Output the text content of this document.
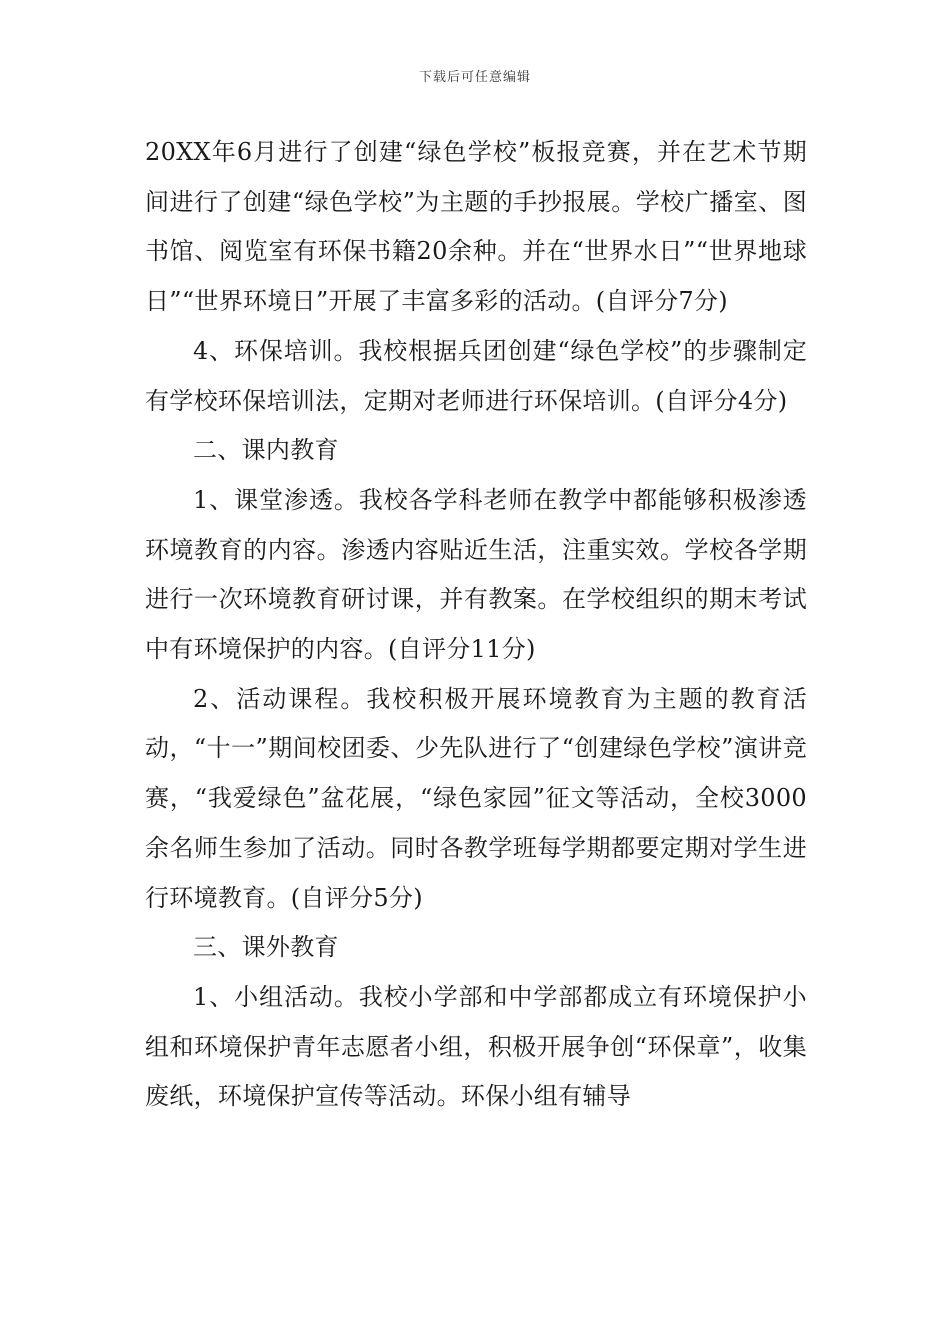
下载后可任意编辑

20XX年6月进行了创建“绿色学校”板报竞赛，并在艺术节期间进行了创建“绿色学校”为主题的手抄报展。学校广播室、图书馆、阅览室有环保书籍20余种。并在“世界水日”“世界地球日”“世界环境日”开展了丰富多彩的活动。(自评分7分)

4、环保培训。我校根据兵团创建“绿色学校”的步骤制定有学校环保培训法，定期对老师进行环保培训。(自评分4分)

二、课内教育

1、课堂渗透。我校各学科老师在教学中都能够积极渗透环境教育的内容。渗透内容贴近生活，注重实效。学校各学期进行一次环境教育研讨课，并有教案。在学校组织的期末考试中有环境保护的内容。(自评分11分)

2、活动课程。我校积极开展环境教育为主题的教育活动，“十一”期间校团委、少先队进行了“创建绿色学校”演讲竞赛，“我爱绿色”盆花展，“绿色家园”征文等活动，全校3000余名师生参加了活动。同时各教学班每学期都要定期对学生进行环境教育。(自评分5分)

三、课外教育

1、小组活动。我校小学部和中学部都成立有环境保护小组和环境保护青年志愿者小组，积极开展争创“环保章”，收集废纸，环境保护宣传等活动。环保小组有辅导
